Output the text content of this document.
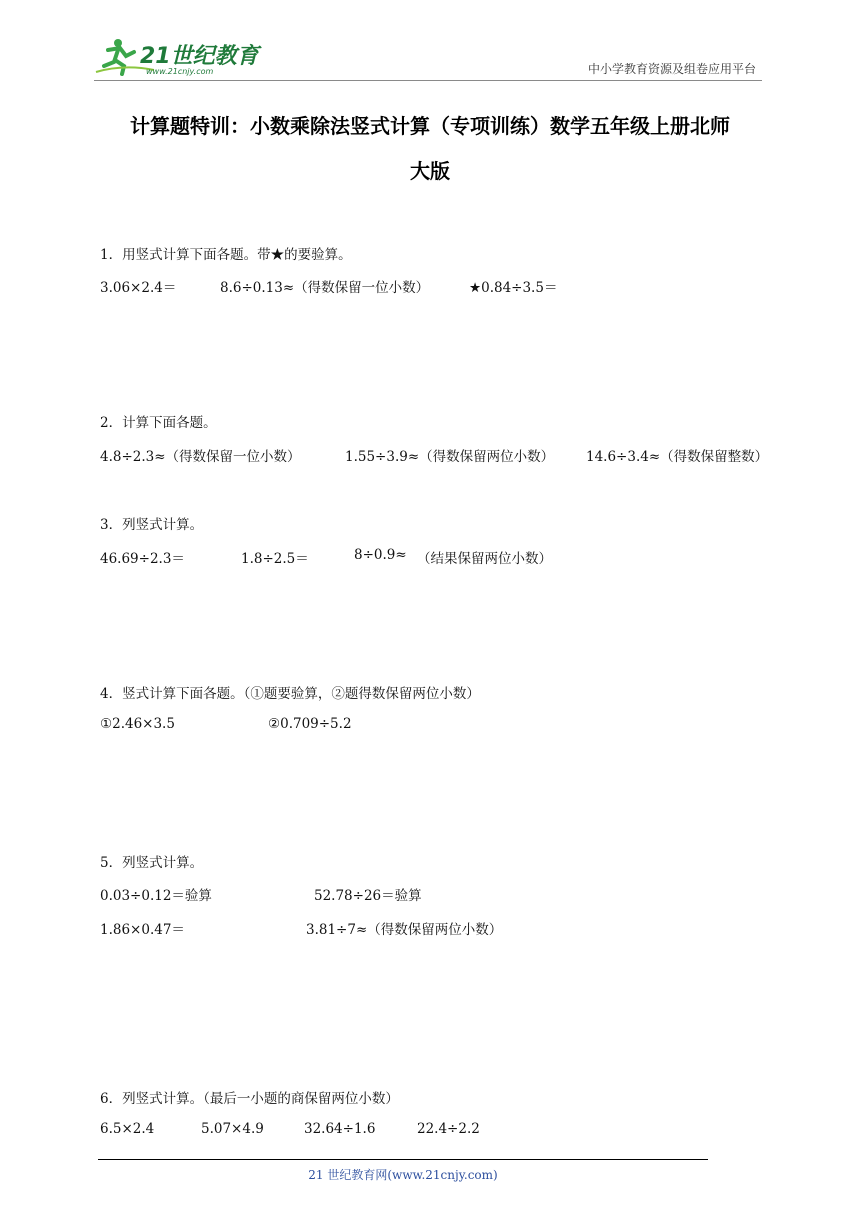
21世纪教育
www.21cnjy.com	中小学教育资源及组卷应用平台
计算题特训：小数乘除法竖式计算（专项训练）数学五年级上册北师
大版
1．用竖式计算下面各题。带★的要验算。
3.06×2.4＝	8.6÷0.13≈（得数保留一位小数）	★0.84÷3.5＝
2．计算下面各题。
4.8÷2.3≈（得数保留一位小数）	1.55÷3.9≈（得数保留两位小数） 14.6÷3.4≈（得数保留整数）
3．列竖式计算。
46.69÷2.3＝	1.8÷2.5＝	8÷0.9≈ （结果保留两位小数）
4．竖式计算下面各题。（①题要验算，②题得数保留两位小数）
①2.46×3.5	②0.709÷5.2
5．列竖式计算。
0.03÷0.12＝验算	52.78÷26＝验算
1.86×0.47＝	3.81÷7≈（得数保留两位小数）
6．列竖式计算。（最后一小题的商保留两位小数）
6.5×2.4	5.07×4.9	32.64÷1.6	22.4÷2.2
21 世纪教育网(www.21cnjy.com)
